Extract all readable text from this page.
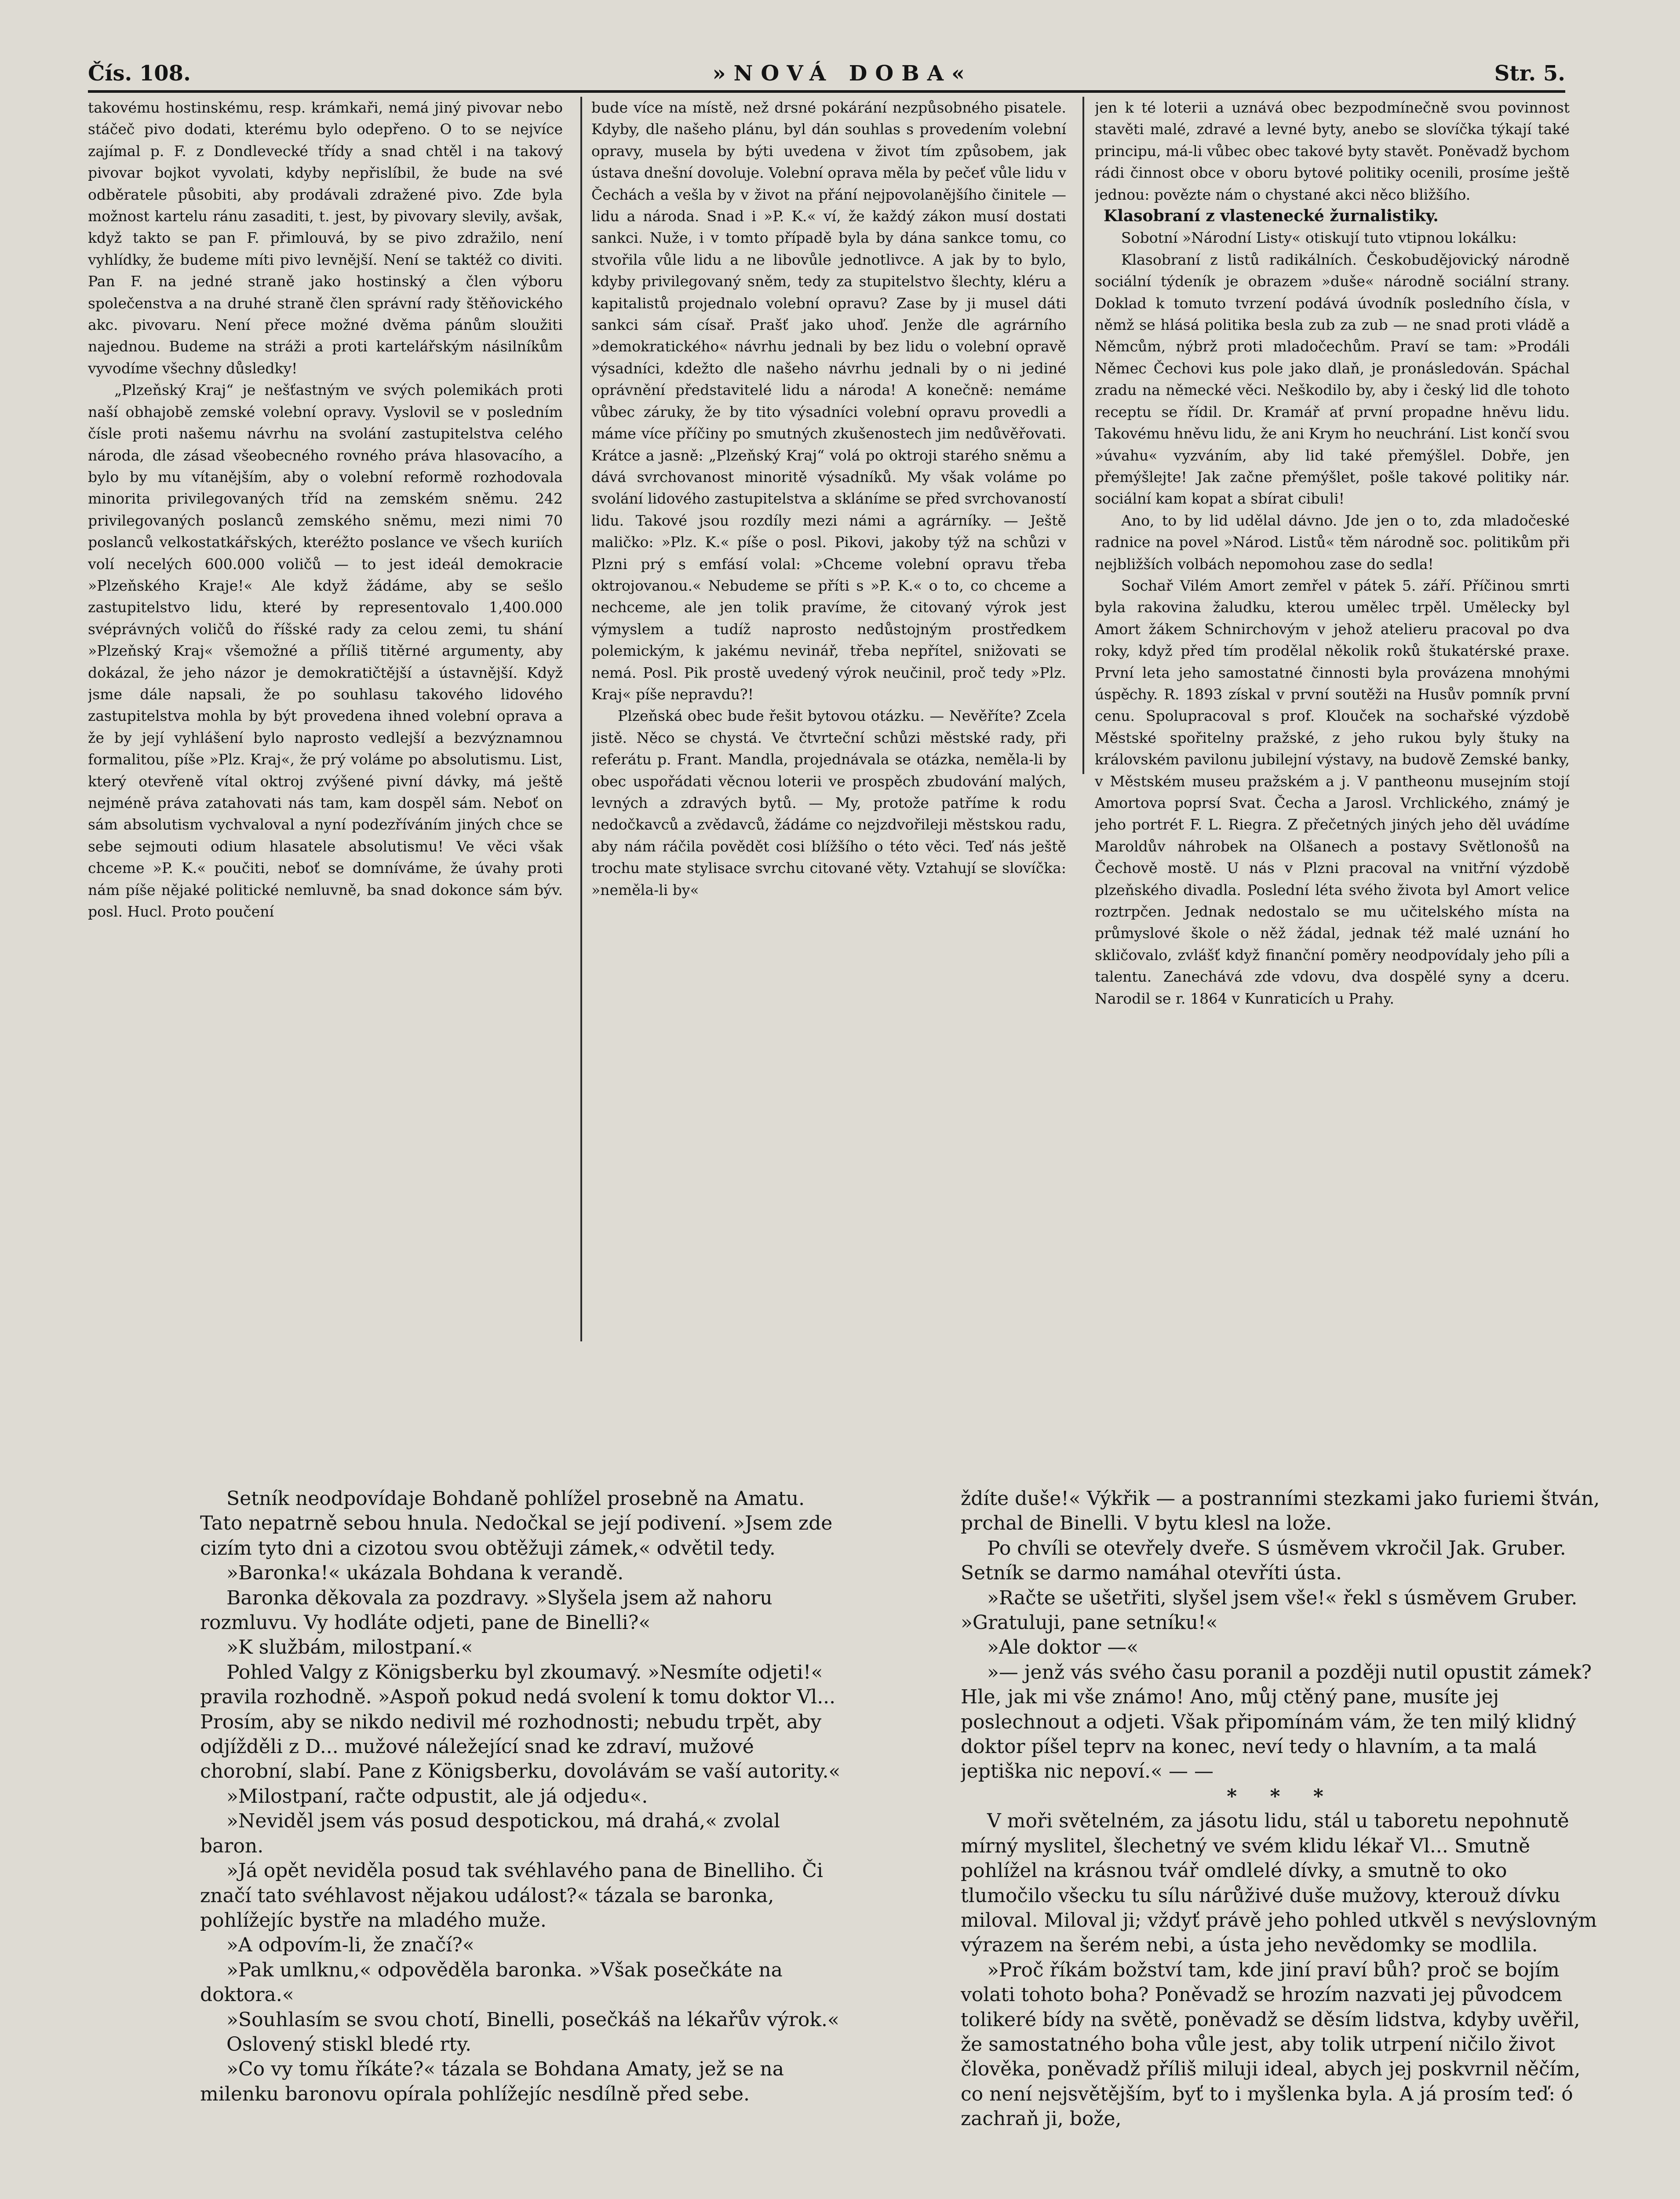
Čís. 108.	»NOVÁ DOBA«	Str. 5.

takovému hostinskému, resp. krámkaři, nemá jiný pivovar nebo stáčeč pivo dodati, kterému bylo odepřeno. O to se nejvíce zajímal p. F. z Dondlevecké třídy a snad chtěl i na takový pivovar bojkot vyvolati, kdyby nepřislíbil, že bude na své odběratele působiti, aby prodávali zdražené pivo. Zde byla možnost kartelu ránu zasaditi, t. jest, by pivovary slevily, avšak, když takto se pan F. přimlouvá, by se pivo zdražilo, není vyhlídky, že budeme míti pivo levnější. Není se taktéž co diviti. Pan F. na jedné straně jako hostinský a člen výboru společenstva a na druhé straně člen správní rady štěňovického akc. pivovaru. Není přece možné dvěma pánům sloužiti najednou. Budeme na stráži a proti kartelářským násilníkům vyvodíme všechny důsledky!

„Plzeňský Kraj“ je nešťastným ve svých polemikách proti naší obhajobě zemské volební opravy. Vyslovil se v posledním čísle proti našemu návrhu na svolání zastupitelstva celého národa, dle zásad všeobecného rovného práva hlasovacího, a bylo by mu vítanějším, aby o volební reformě rozhodovala minorita privilegovaných tříd na zemském sněmu. 242 privilegovaných poslanců zemského sněmu, mezi nimi 70 poslanců velkostatkářských, kteréžto poslance ve všech kuriích volí necelých 600.000 voličů — to jest ideál demokracie »Plzeňského Kraje!« Ale když žádáme, aby se sešlo zastupitelstvo lidu, které by representovalo 1,400.000 svéprávných voličů do říšské rady za celou zemi, tu shání »Plzeňský Kraj« všemožné a příliš titěrné argumenty, aby dokázal, že jeho názor je demokratičtější a ústavnější. Když jsme dále napsali, že po souhlasu takového lidového zastupitelstva mohla by být provedena ihned volební oprava a že by její vyhlášení bylo naprosto vedlejší a bezvýznamnou formalitou, píše »Plz. Kraj«, že prý voláme po absolutismu. List, který otevřeně vítal oktroj zvýšené pivní dávky, má ještě nejméně práva zatahovati nás tam, kam dospěl sám. Neboť on sám absolutism vychvaloval a nyní podezříváním jiných chce se sebe sejmouti odium hlasatele absolutismu! Ve věci však chceme »P. K.« poučiti, neboť se domníváme, že úvahy proti nám píše nějaké politické nemluvně, ba snad dokonce sám býv. posl. Hucl. Proto poučení

bude více na místě, než drsné pokárání nezpůsobného pisatele. Kdyby, dle našeho plánu, byl dán souhlas s provedením volební opravy, musela by býti uvedena v život tím způsobem, jak ústava dnešní dovoluje. Volební oprava měla by pečeť vůle lidu v Čechách a vešla by v život na přání nejpovolanějšího činitele — lidu a národa. Snad i »P. K.« ví, že každý zákon musí dostati sankci. Nuže, i v tomto případě byla by dána sankce tomu, co stvořila vůle lidu a ne libovůle jednotlivce. A jak by to bylo, kdyby privilegovaný sněm, tedy za stupitelstvo šlechty, kléru a kapitalistů projednalo volební opravu? Zase by ji musel dáti sankci sám císař. Prašť jako uhoď. Jenže dle agrárního »demokratického« návrhu jednali by bez lidu o volební opravě výsadníci, kdežto dle našeho návrhu jednali by o ni jediné oprávnění představitelé lidu a národa! A konečně: nemáme vůbec záruky, že by tito výsadníci volební opravu provedli a máme více příčiny po smutných zkušenostech jim nedůvěřovati. Krátce a jasně: „Plzeňský Kraj“ volá po oktroji starého sněmu a dává svrchovanost minoritě výsadníků. My však voláme po svolání lidového zastupitelstva a skláníme se před svrchovaností lidu. Takové jsou rozdíly mezi námi a agrárníky. — Ještě maličko: »Plz. K.« píše o posl. Pikovi, jakoby týž na schůzi v Plzni prý s emfásí volal: »Chceme volební opravu třeba oktrojovanou.« Nebudeme se příti s »P. K.« o to, co chceme a nechceme, ale jen tolik pravíme, že citovaný výrok jest výmyslem a tudíž naprosto nedůstojným prostředkem polemickým, k jakému nevinář, třeba nepřítel, snižovati se nemá. Posl. Pik prostě uvedený výrok neučinil, proč tedy »Plz. Kraj« píše nepravdu?!

Plzeňská obec bude řešit bytovou otázku. — Nevěříte? Zcela jistě. Něco se chystá. Ve čtvrteční schůzi městské rady, při referátu p. Frant. Mandla, projednávala se otázka, neměla-li by obec uspořádati věcnou loterii ve prospěch zbudování malých, levných a zdravých bytů. — My, protože patříme k rodu nedočkavců a zvědavců, žádáme co nejzdvořileji městskou radu, aby nám ráčila povědět cosi blížšího o této věci. Teď nás ještě trochu mate stylisace svrchu citované věty. Vztahují se slovíčka: »neměla-li by«

jen k té loterii a uznává obec bezpodmínečně svou povinnost stavěti malé, zdravé a levné byty, anebo se slovíčka týkají také principu, má-li vůbec obec takové byty stavět. Poněvadž bychom rádi činnost obce v oboru bytové politiky ocenili, prosíme ještě jednou: povězte nám o chystané akci něco bližšího.

Klasobraní z vlastenecké žurnalistiky.

Sobotní »Národní Listy« otiskují tuto vtipnou lokálku:

Klasobraní z listů radikálních. Českobudějovický národně sociální týdeník je obrazem »duše« národně sociální strany. Doklad k tomuto tvrzení podává úvodník posledního čísla, v němž se hlásá politika besla zub za zub — ne snad proti vládě a Němcům, nýbrž proti mladočechům. Praví se tam: »Prodáli Němec Čechovi kus pole jako dlaň, je pronásledován. Spáchal zradu na německé věci. Neškodilo by, aby i český lid dle tohoto receptu se řídil. Dr. Kramář ať první propadne hněvu lidu. Takovému hněvu lidu, že ani Krym ho neuchrání. List končí svou »úvahu« vyzváním, aby lid také přemýšlel. Dobře, jen přemýšlejte! Jak začne přemýšlet, pošle takové politiky nár. sociální kam kopat a sbírat cibuli!

Ano, to by lid udělal dávno. Jde jen o to, zda mladočeské radnice na povel »Národ. Listů« těm národně soc. politikům při nejbližších volbách nepomohou zase do sedla!

Sochař Vilém Amort zemřel v pátek 5. září. Příčinou smrti byla rakovina žaludku, kterou umělec trpěl. Umělecky byl Amort žákem Schnirchovým v jehož atelieru pracoval po dva roky, když před tím prodělal několik roků štukatérské praxe. První leta jeho samostatné činnosti byla provázena mnohými úspěchy. R. 1893 získal v první soutěži na Husův pomník první cenu. Spolupracoval s prof. Klouček na sochařské výzdobě Městské spořitelny pražské, z jeho rukou byly štuky na královském pavilonu jubilejní výstavy, na budově Zemské banky, v Městském museu pražském a j. V pantheonu musejním stojí Amortova poprsí Svat. Čecha a Jarosl. Vrchlického, známý je jeho portrét F. L. Riegra. Z přečetných jiných jeho děl uvádíme Maroldův náhrobek na Olšanech a postavy Světlonošů na Čechově mostě. U nás v Plzni pracoval na vnitřní výzdobě plzeňského divadla. Poslední léta svého života byl Amort velice roztrpčen. Jednak nedostalo se mu učitelského místa na průmyslové škole o něž žádal, jednak též malé uznání ho skličovalo, zvlášť když finanční poměry neodpovídaly jeho píli a talentu. Zanechává zde vdovu, dva dospělé syny a dceru. Narodil se r. 1864 v Kunraticích u Prahy.

Setník neodpovídaje Bohdaně pohlížel prosebně na Amatu. Tato nepatrně sebou hnula. Nedočkal se její podivení. »Jsem zde cizím tyto dni a cizotou svou obtěžuji zámek,« odvětil tedy.

»Baronka!« ukázala Bohdana k verandě.

Baronka děkovala za pozdravy. »Slyšela jsem až nahoru rozmluvu. Vy hodláte odjeti, pane de Binelli?«

»K službám, milostpaní.«

Pohled Valgy z Königsberku byl zkoumavý. »Nesmíte odjeti!« pravila rozhodně. »Aspoň pokud nedá svolení k tomu doktor Vl... Prosím, aby se nikdo nedivil mé rozhodnosti; nebudu trpět, aby odjížděli z D... mužové náležející snad ke zdraví, mužové chorobní, slabí. Pane z Königsberku, dovolávám se vaší autority.«

»Milostpaní, račte odpustit, ale já odjedu«.

»Neviděl jsem vás posud despotickou, má drahá,« zvolal baron.

»Já opět neviděla posud tak svéhlavého pana de Binelliho. Či značí tato svéhlavost nějakou událost?« tázala se baronka, pohlížejíc bystře na mladého muže.

»A odpovím-li, že značí?«

»Pak umlknu,« odpověděla baronka. »Však posečkáte na doktora.«

»Souhlasím se svou chotí, Binelli, posečkáš na lékařův výrok.«

Oslovený stiskl bledé rty.

»Co vy tomu říkáte?« tázala se Bohdana Amaty, jež se na milenku baronovu opírala pohlížejíc nesdílně před sebe.

ždíte duše!« Výkřik — a postranními stezkami jako furiemi štván, prchal de Binelli. V bytu klesl na lože.

Po chvíli se otevřely dveře. S úsměvem vkročil Jak. Gruber. Setník se darmo namáhal otevříti ústa.

»Račte se ušetřiti, slyšel jsem vše!« řekl s úsměvem Gruber. »Gratuluji, pane setníku!«

»Ale doktor —«

»— jenž vás svého času poranil a později nutil opustit zámek? Hle, jak mi vše známo! Ano, můj ctěný pane, musíte jej poslechnout a odjeti. Však připomínám vám, že ten milý klidný doktor píšel teprv na konec, neví tedy o hlavním, a ta malá jeptiška nic nepoví.« — —

* * *

V moři světelném, za jásotu lidu, stál u taboretu nepohnutě mírný myslitel, šlechetný ve svém klidu lékař Vl... Smutně pohlížel na krásnou tvář omdlelé dívky, a smutně to oko tlumočilo všecku tu sílu nárůživé duše mužovy, kterouž dívku miloval. Miloval ji; vždyť právě jeho pohled utkvěl s nevýslovným výrazem na šerém nebi, a ústa jeho nevědomky se modlila.

»Proč říkám božství tam, kde jiní praví bůh? proč se bojím volati tohoto boha? Poněvadž se hrozím nazvati jej původcem tolikeré bídy na světě, poněvadž se děsím lidstva, kdyby uvěřil, že samostatného boha vůle jest, aby tolik utrpení ničilo život člověka, poněvadž příliš miluji ideal, abych jej poskvrnil něčím, co není nejsvětějším, byť to i myšlenka byla. A já prosím teď: ó zachraň ji, bože,
